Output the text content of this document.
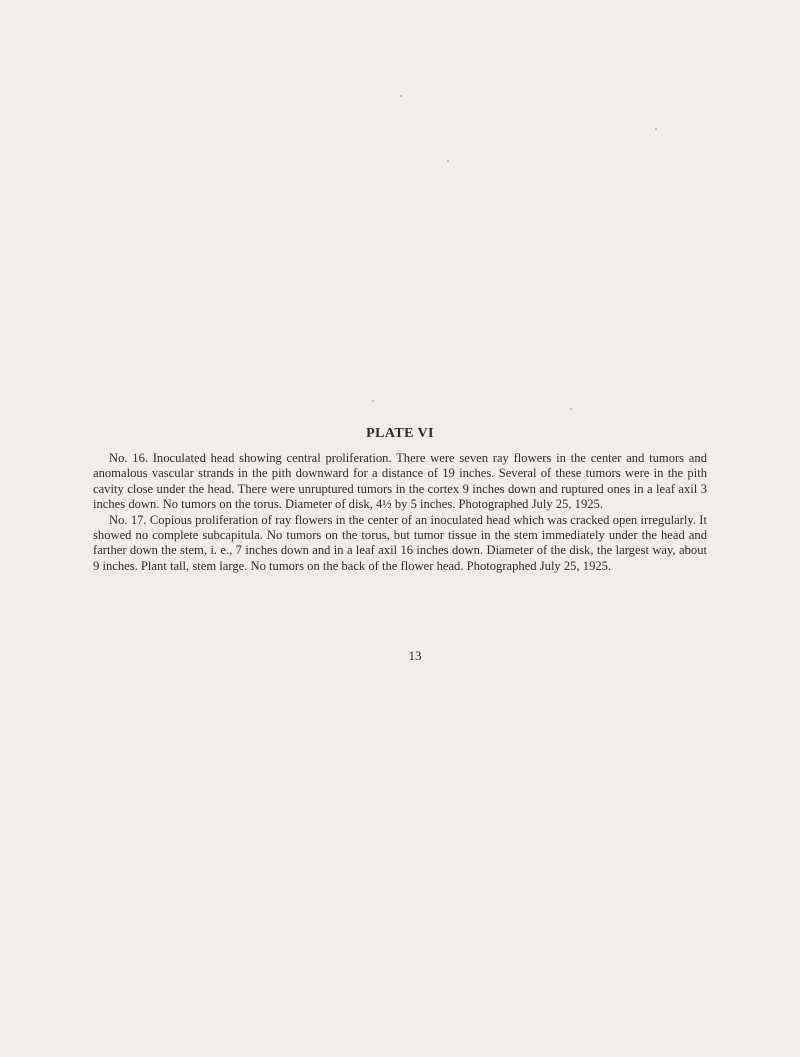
PLATE VI

No. 16. Inoculated head showing central proliferation. There were seven ray flowers in the center and tumors and anomalous vascular strands in the pith downward for a distance of 19 inches. Several of these tumors were in the pith cavity close under the head. There were unruptured tumors in the cortex 9 inches down and ruptured ones in a leaf axil 3 inches down. No tumors on the torus. Diameter of disk, 4½ by 5 inches. Photographed July 25, 1925.

No. 17. Copious proliferation of ray flowers in the center of an inoculated head which was cracked open irregularly. It showed no complete subcapitula. No tumors on the torus, but tumor tissue in the stem immediately under the head and farther down the stem, i. e., 7 inches down and in a leaf axil 16 inches down. Diameter of the disk, the largest way, about 9 inches. Plant tall, stem large. No tumors on the back of the flower head. Photographed July 25, 1925.

13
